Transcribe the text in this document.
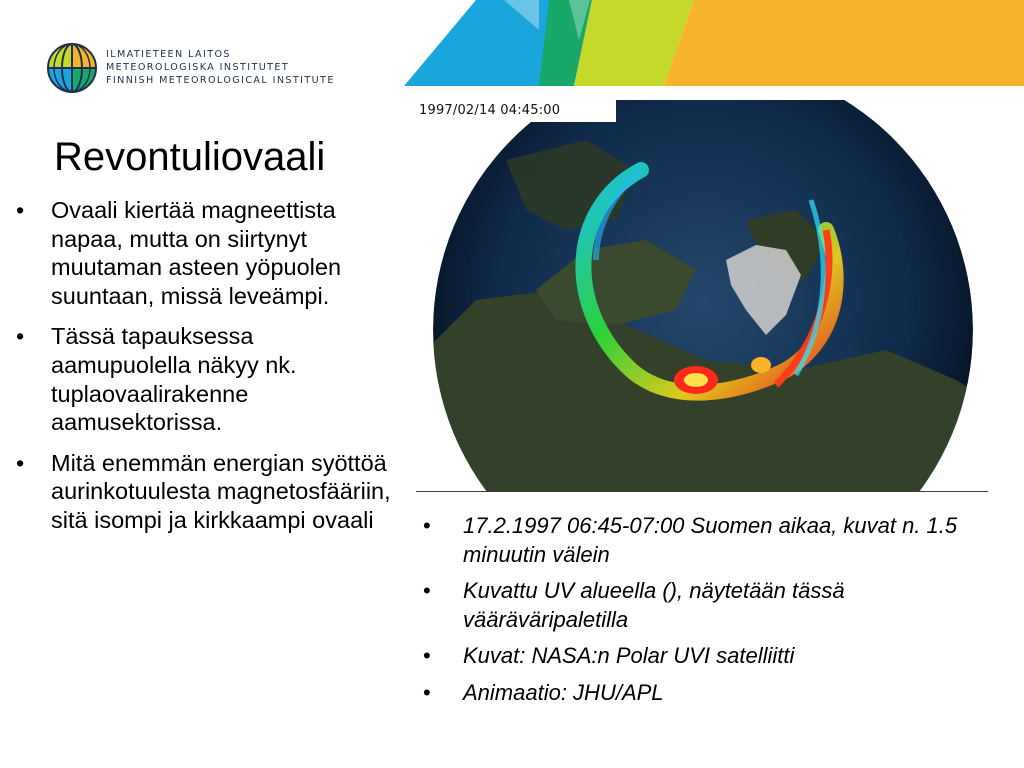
ILMATIETEEN LAITOS
METEOROLOGISKA INSTITUTET
FINNISH METEOROLOGICAL INSTITUTE
Revontuliovaali
• Ovaali kiertää magneettista napaa, mutta on siirtynyt muutaman asteen yöpuolen suuntaan, missä leveämpi.
• Tässä tapauksessa aamupuolella näkyy nk. tuplaovaalirakenne aamusektorissa.
• Mitä enemmän energian syöttöä aurinkotuulesta magnetosfääriin, sitä isompi ja kirkkaampi ovaali
1997/02/14 04:45:00
• 17.2.1997 06:45-07:00 Suomen aikaa, kuvat n. 1.5 minuutin välein
• Kuvattu UV alueella (), näytetään tässä vääräväripaletilla
• Kuvat: NASA:n Polar UVI satelliitti
• Animaatio: JHU/APL
